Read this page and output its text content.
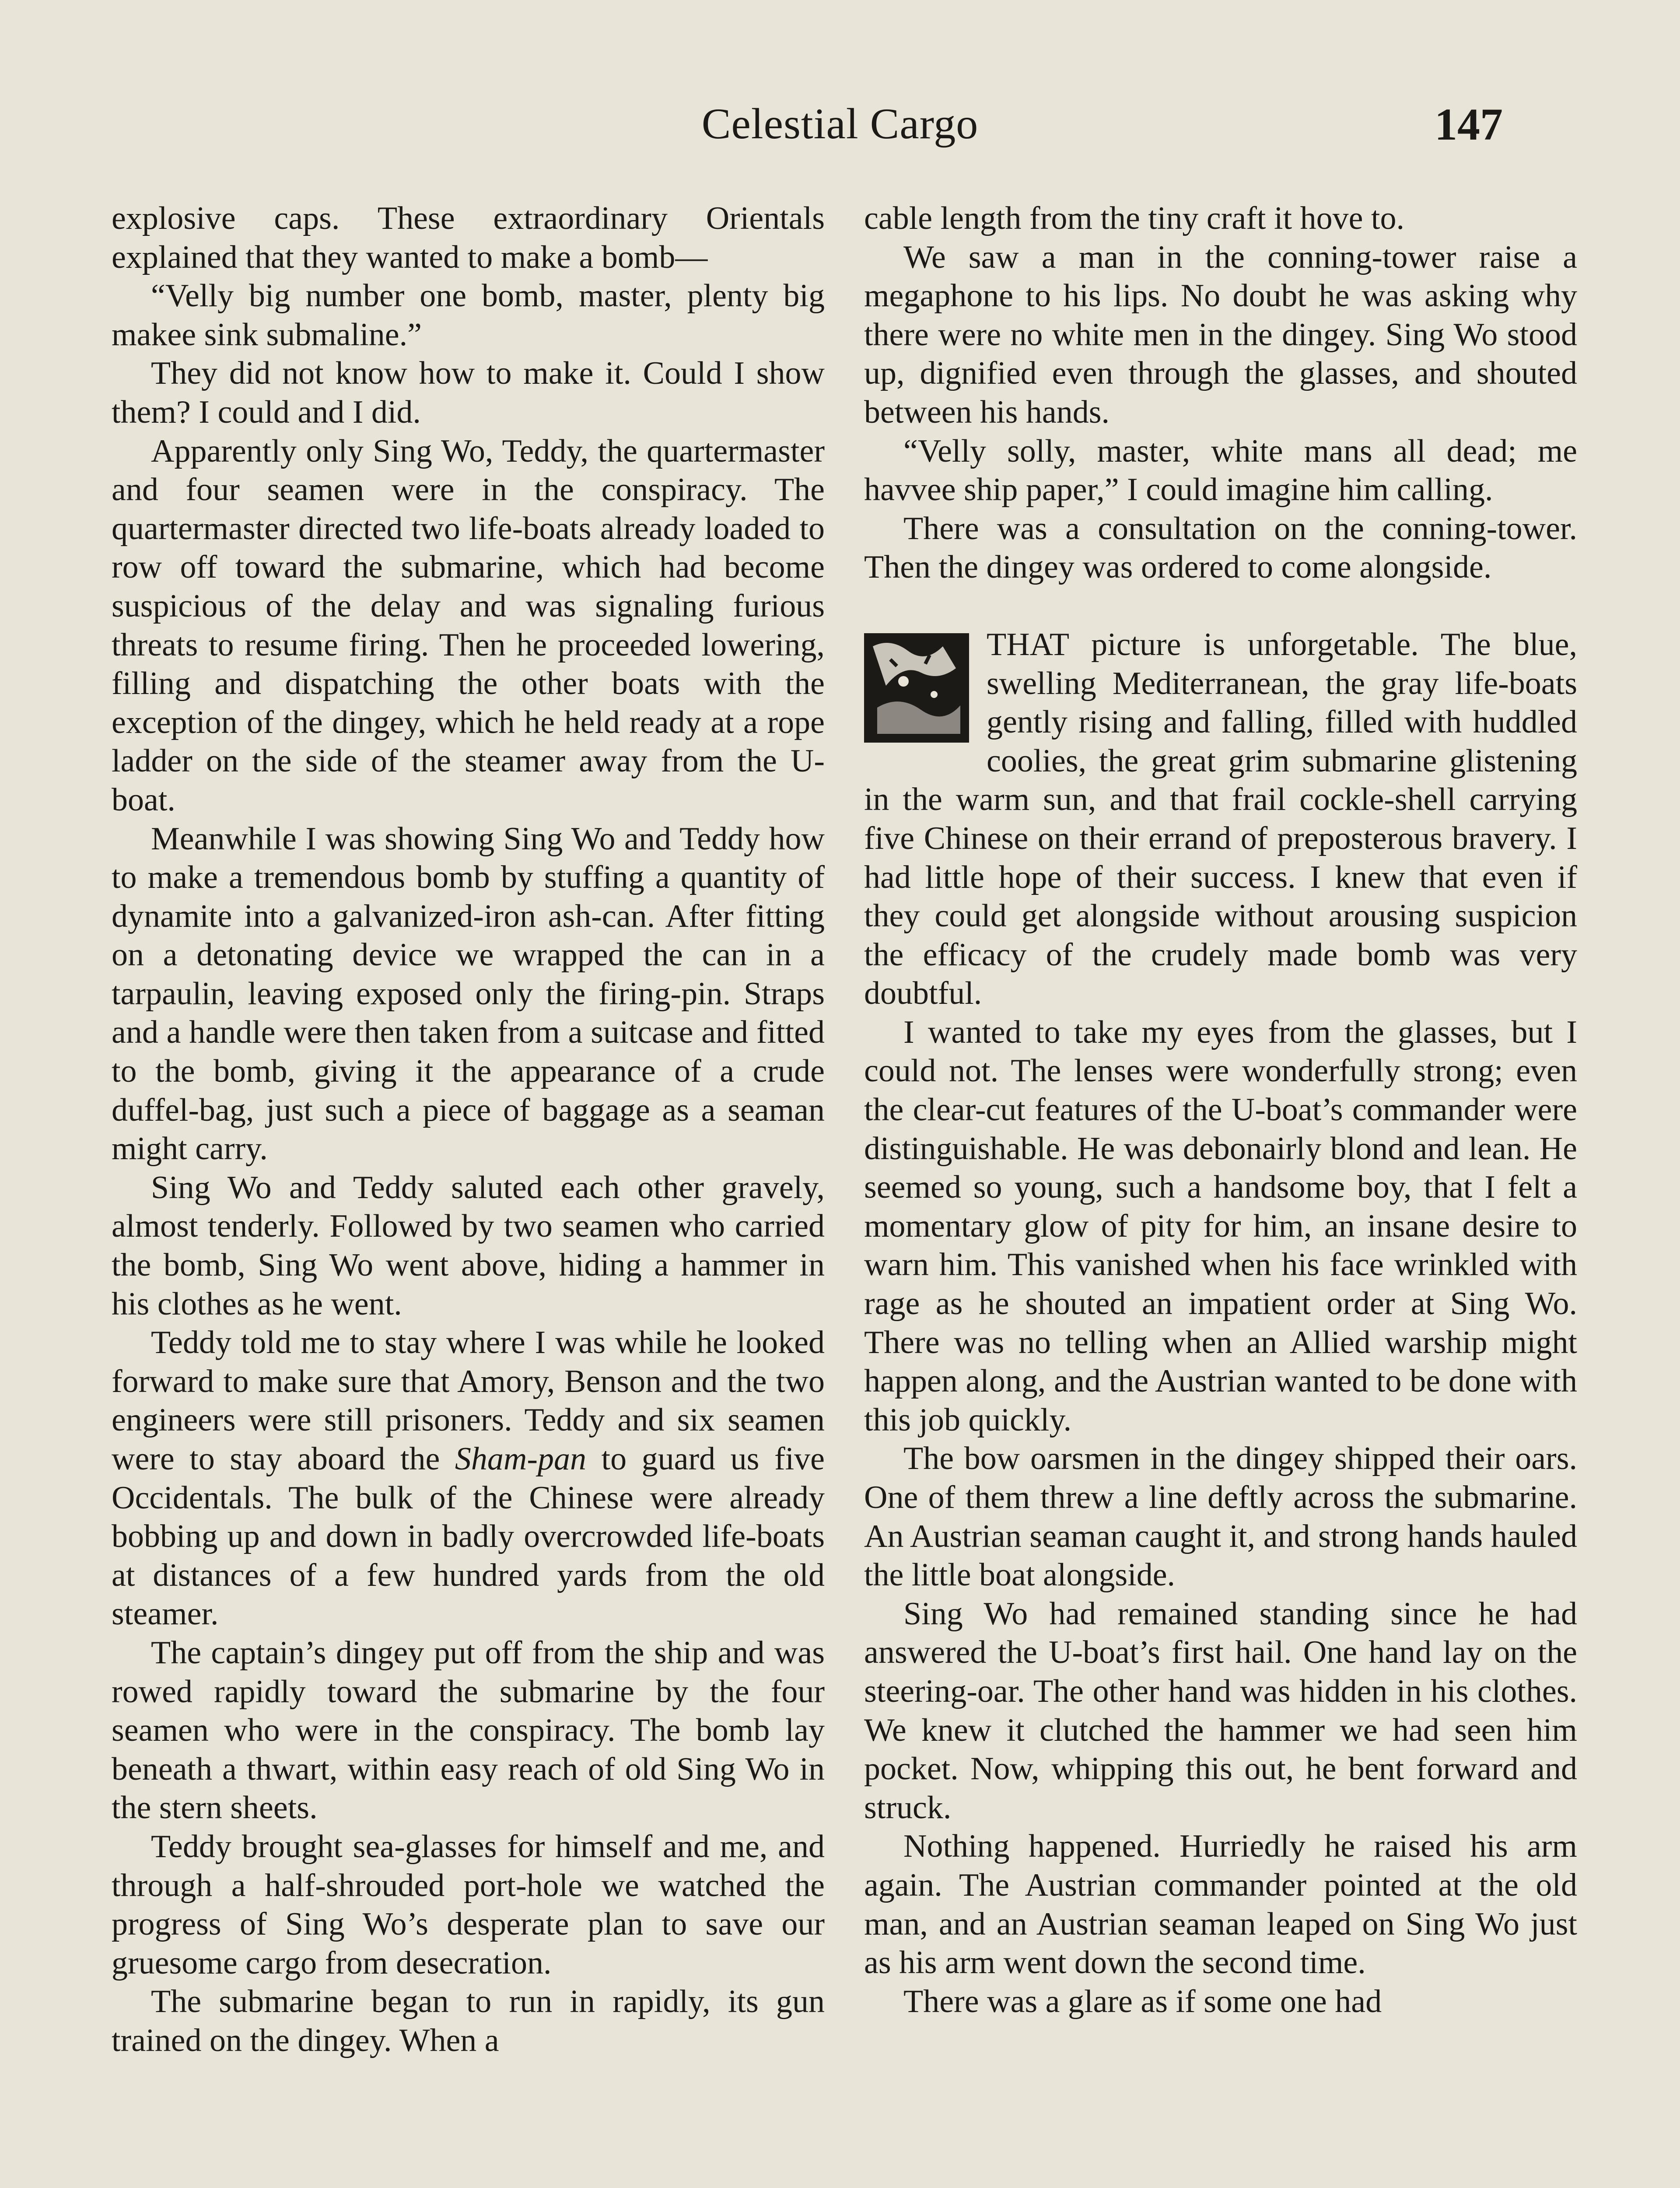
Celestial Cargo	147

explosive caps. These extraordinary Orientals explained that they wanted to make a bomb—

“Velly big number one bomb, master, plenty big makee sink submaline.”

They did not know how to make it. Could I show them? I could and I did.

Apparently only Sing Wo, Teddy, the quartermaster and four seamen were in the conspiracy. The quartermaster directed two life-boats already loaded to row off toward the submarine, which had become suspicious of the delay and was signaling furious threats to resume firing. Then he proceeded lowering, filling and dispatching the other boats with the exception of the dingey, which he held ready at a rope ladder on the side of the steamer away from the U-boat.

Meanwhile I was showing Sing Wo and Teddy how to make a tremendous bomb by stuffing a quantity of dynamite into a galvanized-iron ash-can. After fitting on a detonating device we wrapped the can in a tarpaulin, leaving exposed only the firing-pin. Straps and a handle were then taken from a suitcase and fitted to the bomb, giving it the appearance of a crude duffel-bag, just such a piece of baggage as a seaman might carry.

Sing Wo and Teddy saluted each other gravely, almost tenderly. Followed by two seamen who carried the bomb, Sing Wo went above, hiding a hammer in his clothes as he went.

Teddy told me to stay where I was while he looked forward to make sure that Amory, Benson and the two engineers were still prisoners. Teddy and six seamen were to stay aboard the Sham-pan to guard us five Occidentals. The bulk of the Chinese were already bobbing up and down in badly overcrowded life-boats at distances of a few hundred yards from the old steamer.

The captain’s dingey put off from the ship and was rowed rapidly toward the submarine by the four seamen who were in the conspiracy. The bomb lay beneath a thwart, within easy reach of old Sing Wo in the stern sheets.

Teddy brought sea-glasses for himself and me, and through a half-shrouded port-hole we watched the progress of Sing Wo’s desperate plan to save our gruesome cargo from desecration.

The submarine began to run in rapidly, its gun trained on the dingey. When a

cable length from the tiny craft it hove to.

We saw a man in the conning-tower raise a megaphone to his lips. No doubt he was asking why there were no white men in the dingey. Sing Wo stood up, dignified even through the glasses, and shouted between his hands.

“Velly solly, master, white mans all dead; me havvee ship paper,” I could imagine him calling.

There was a consultation on the conning-tower. Then the dingey was ordered to come alongside.

THAT picture is unforgetable. The blue, swelling Mediterranean, the gray life-boats gently rising and falling, filled with huddled coolies, the great grim submarine glistening in the warm sun, and that frail cockle-shell carrying five Chinese on their errand of preposterous bravery. I had little hope of their success. I knew that even if they could get alongside without arousing suspicion the efficacy of the crudely made bomb was very doubtful.

I wanted to take my eyes from the glasses, but I could not. The lenses were wonderfully strong; even the clear-cut features of the U-boat’s commander were distinguishable. He was debonairly blond and lean. He seemed so young, such a handsome boy, that I felt a momentary glow of pity for him, an insane desire to warn him. This vanished when his face wrinkled with rage as he shouted an impatient order at Sing Wo. There was no telling when an Allied warship might happen along, and the Austrian wanted to be done with this job quickly.

The bow oarsmen in the dingey shipped their oars. One of them threw a line deftly across the submarine. An Austrian seaman caught it, and strong hands hauled the little boat alongside.

Sing Wo had remained standing since he had answered the U-boat’s first hail. One hand lay on the steering-oar. The other hand was hidden in his clothes. We knew it clutched the hammer we had seen him pocket. Now, whipping this out, he bent forward and struck.

Nothing happened. Hurriedly he raised his arm again. The Austrian commander pointed at the old man, and an Austrian seaman leaped on Sing Wo just as his arm went down the second time.

There was a glare as if some one had
